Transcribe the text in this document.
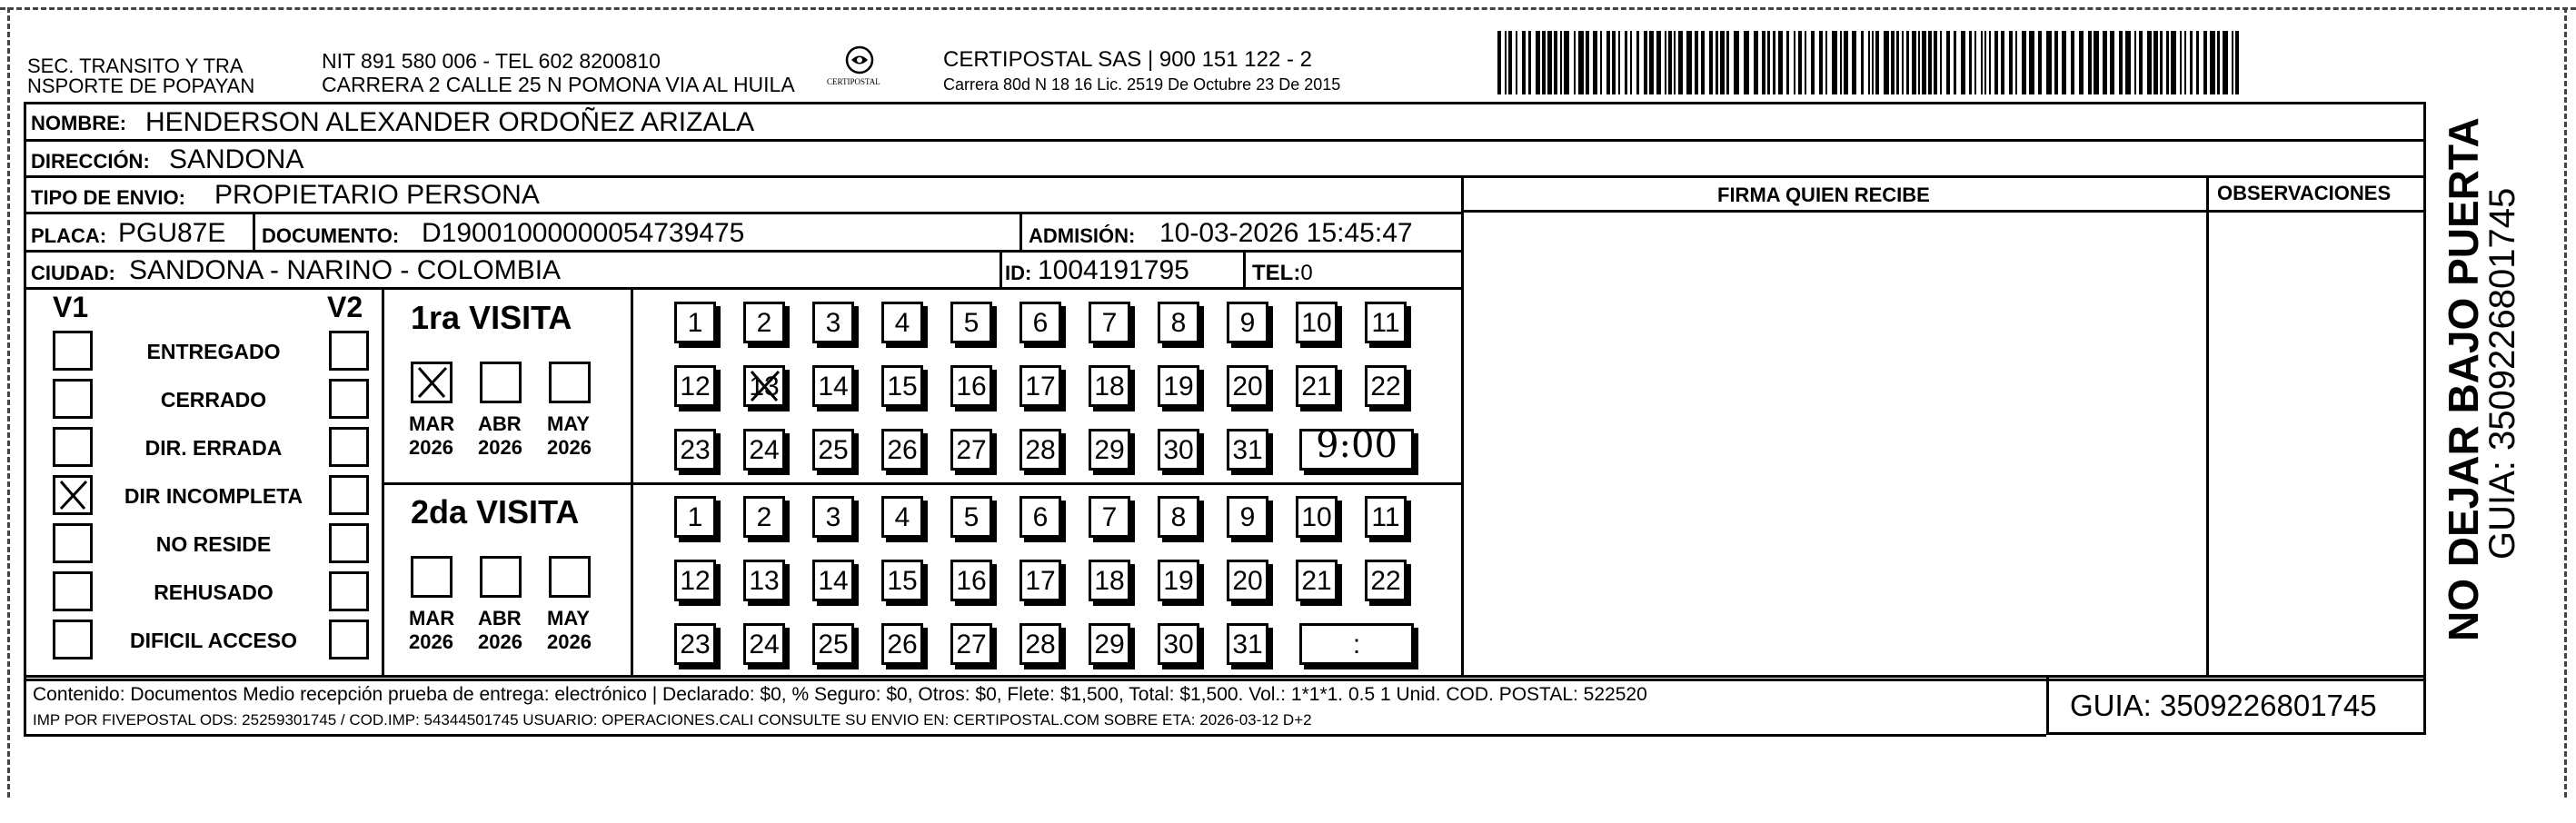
SEC. TRANSITO Y TRA
NSPORTE DE POPAYAN
NIT 891 580 006 - TEL 602 8200810
CARRERA 2 CALLE 25 N POMONA VIA AL HUILA	CERTIPOSTAL
CERTIPOSTAL SAS | 900 151 122 - 2
Carrera 80d N 18 16 Lic. 2519 De Octubre 23 De 2015
NOMBRE: HENDERSON ALEXANDER ORDOÑEZ ARIZALA
DIRECCIÓN: SANDONA
TIPO DE ENVIO: PROPIETARIO PERSONA	FIRMA QUIEN RECIBE	OBSERVACIONES
PLACA: PGU87E DOCUMENTO: D19001000000054739475	ADMISIÓN: 10-03-2026 15:45:47
CIUDAD: SANDONA - NARINO - COLOMBIA	ID: 1004191795	TEL:0
V1	V2
ENTREGADO
CERRADO
DIR. ERRADA
DIR INCOMPLETA
NO RESIDE
REHUSADO
DIFICIL ACCESO
1ra VISITA
MAR
2026
ABR
2026
MAY
2026
1 2 3 4 5 6 7 8 9 10 11
12 13 14 15 16 17 18 19 20 21 22
23 24 25 26 27 28 29 30 31 9:00
2da VISITA
MAR
2026
ABR
2026
MAY
2026
1 2 3 4 5 6 7 8 9 10 11
12 13 14 15 16 17 18 19 20 21 22
23 24 25 26 27 28 29 30 31	:
Contenido: Documentos Medio recepción prueba de entrega: electrónico | Declarado: $0, % Seguro: $0, Otros: $0, Flete: $1,500, Total: $1,500. Vol.: 1*1*1. 0.5 1 Unid. COD. POSTAL: 522520
IMP POR FIVEPOSTAL ODS: 25259301745 / COD.IMP: 54344501745 USUARIO: OPERACIONES.CALI CONSULTE SU ENVIO EN: CERTIPOSTAL.COM SOBRE ETA: 2026-03-12 D+2	GUIA: 3509226801745
NO DEJAR BAJO PUERTA
GUIA: 3509226801745
